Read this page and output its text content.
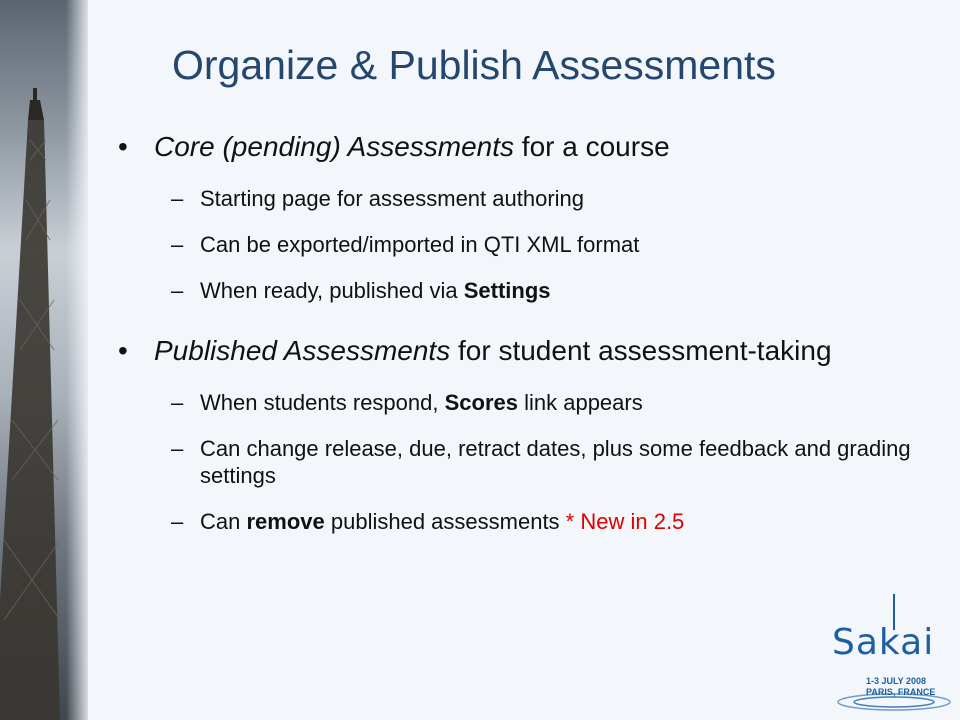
Organize & Publish Assessments
• Core (pending) Assessments for a course
– Starting page for assessment authoring
– Can be exported/imported in QTI XML format
– When ready, published via Settings
• Published Assessments for student assessment-taking
– When students respond, Scores link appears
– Can change release, due, retract dates, plus some feedback and grading settings
– Can remove published assessments * New in 2.5
Sakai
1-3 JULY 2008
PARIS, FRANCE
